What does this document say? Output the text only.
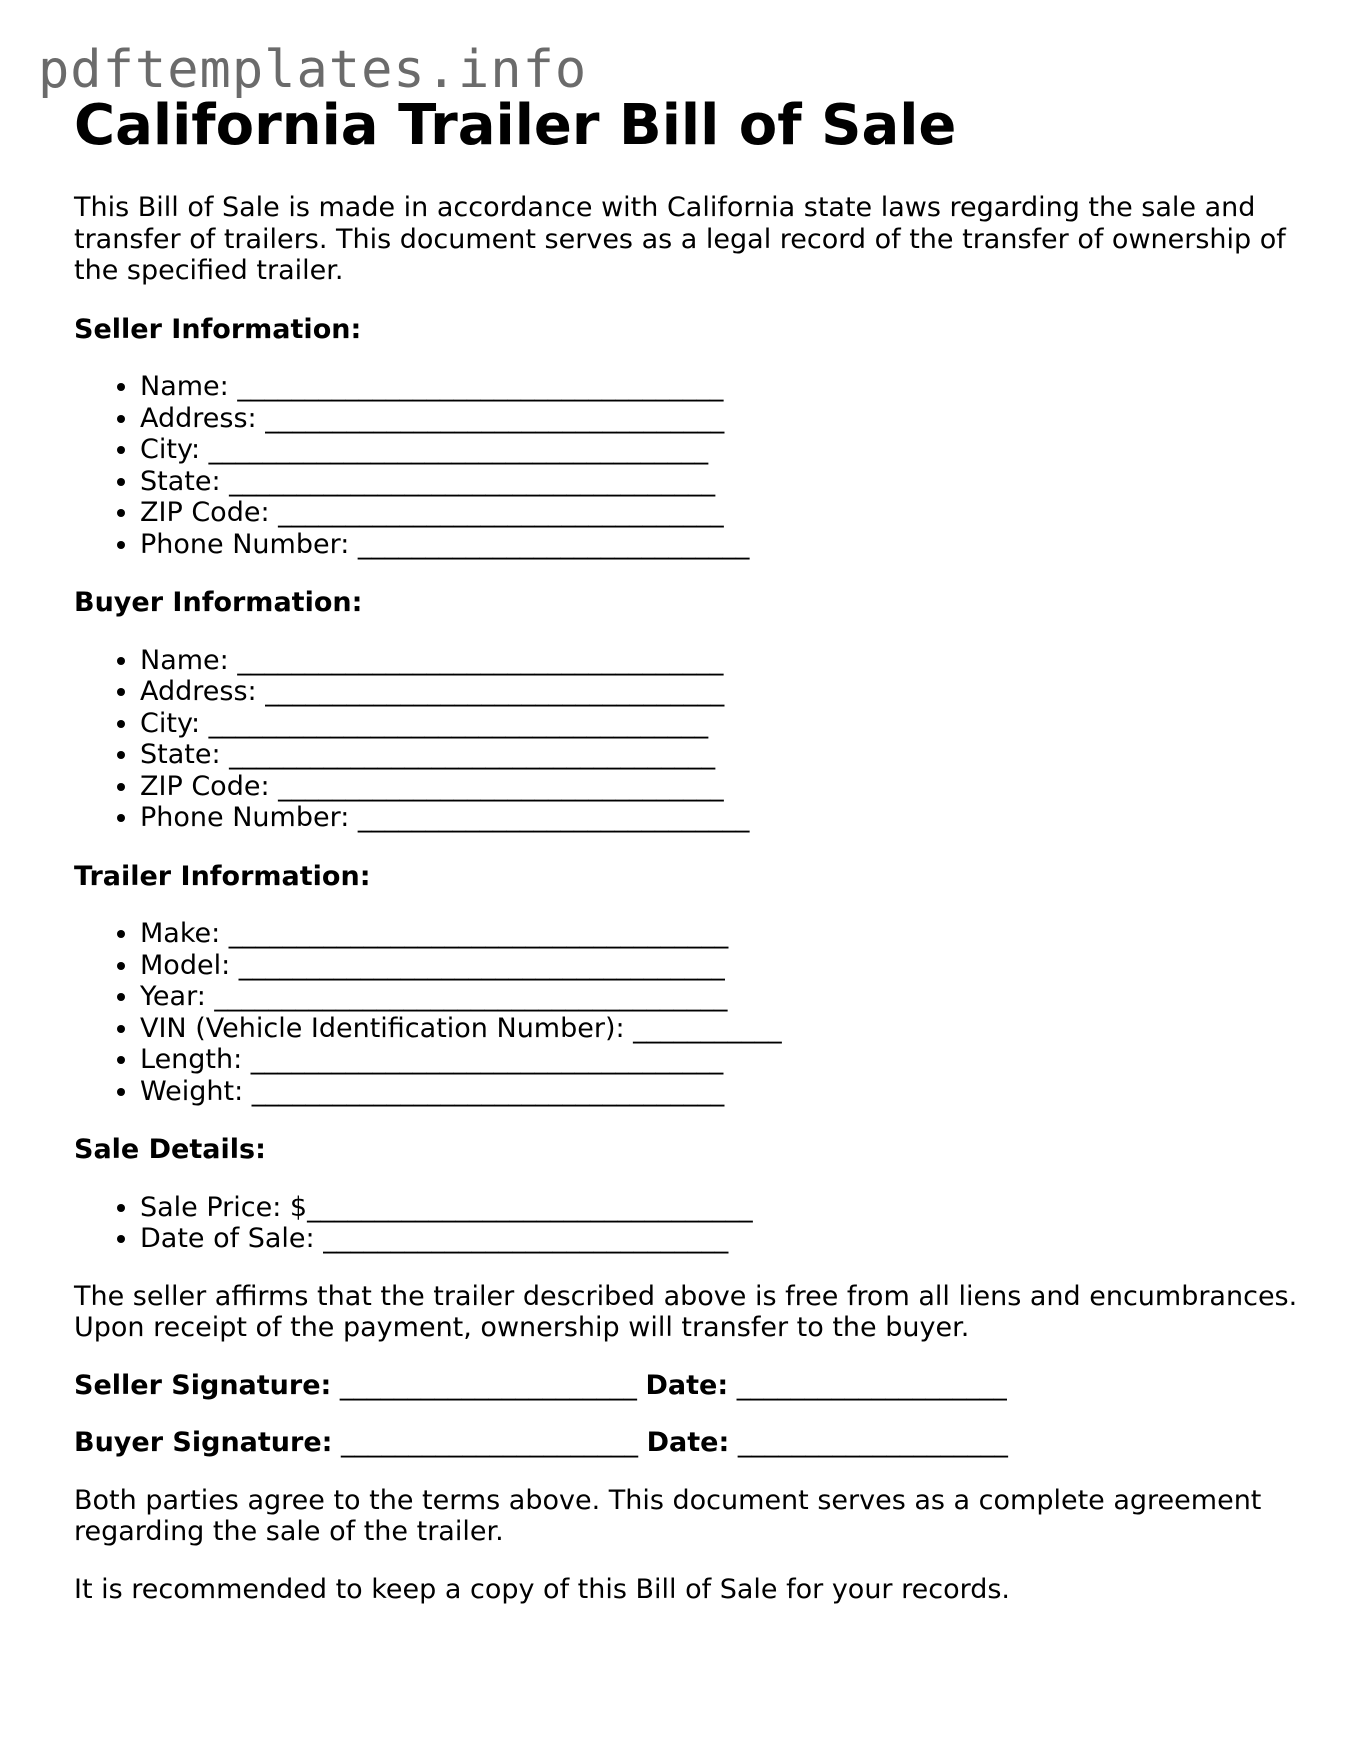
pdftemplates.info
California Trailer Bill of Sale

This Bill of Sale is made in accordance with California state laws regarding the sale and transfer of trailers. This document serves as a legal record of the transfer of ownership of the specified trailer.

Seller Information:
• Name: ____________________________________
• Address: __________________________________
• City: _____________________________________
• State: ____________________________________
• ZIP Code: _________________________________
• Phone Number: _____________________________
Buyer Information:
• Name: ____________________________________
• Address: __________________________________
• City: _____________________________________
• State: ____________________________________
• ZIP Code: _________________________________
• Phone Number: _____________________________
Trailer Information:
• Make: _____________________________________
• Model: ____________________________________
• Year: ______________________________________
• VIN (Vehicle Identification Number): ___________
• Length: ___________________________________
• Weight: ___________________________________
Sale Details:
• Sale Price: $_________________________________
• Date of Sale: ______________________________

The seller affirms that the trailer described above is free from all liens and encumbrances. Upon receipt of the payment, ownership will transfer to the buyer.

Seller Signature: ______________________ Date: ____________________
Buyer Signature: ______________________ Date: ____________________

Both parties agree to the terms above. This document serves as a complete agreement regarding the sale of the trailer.

It is recommended to keep a copy of this Bill of Sale for your records.
